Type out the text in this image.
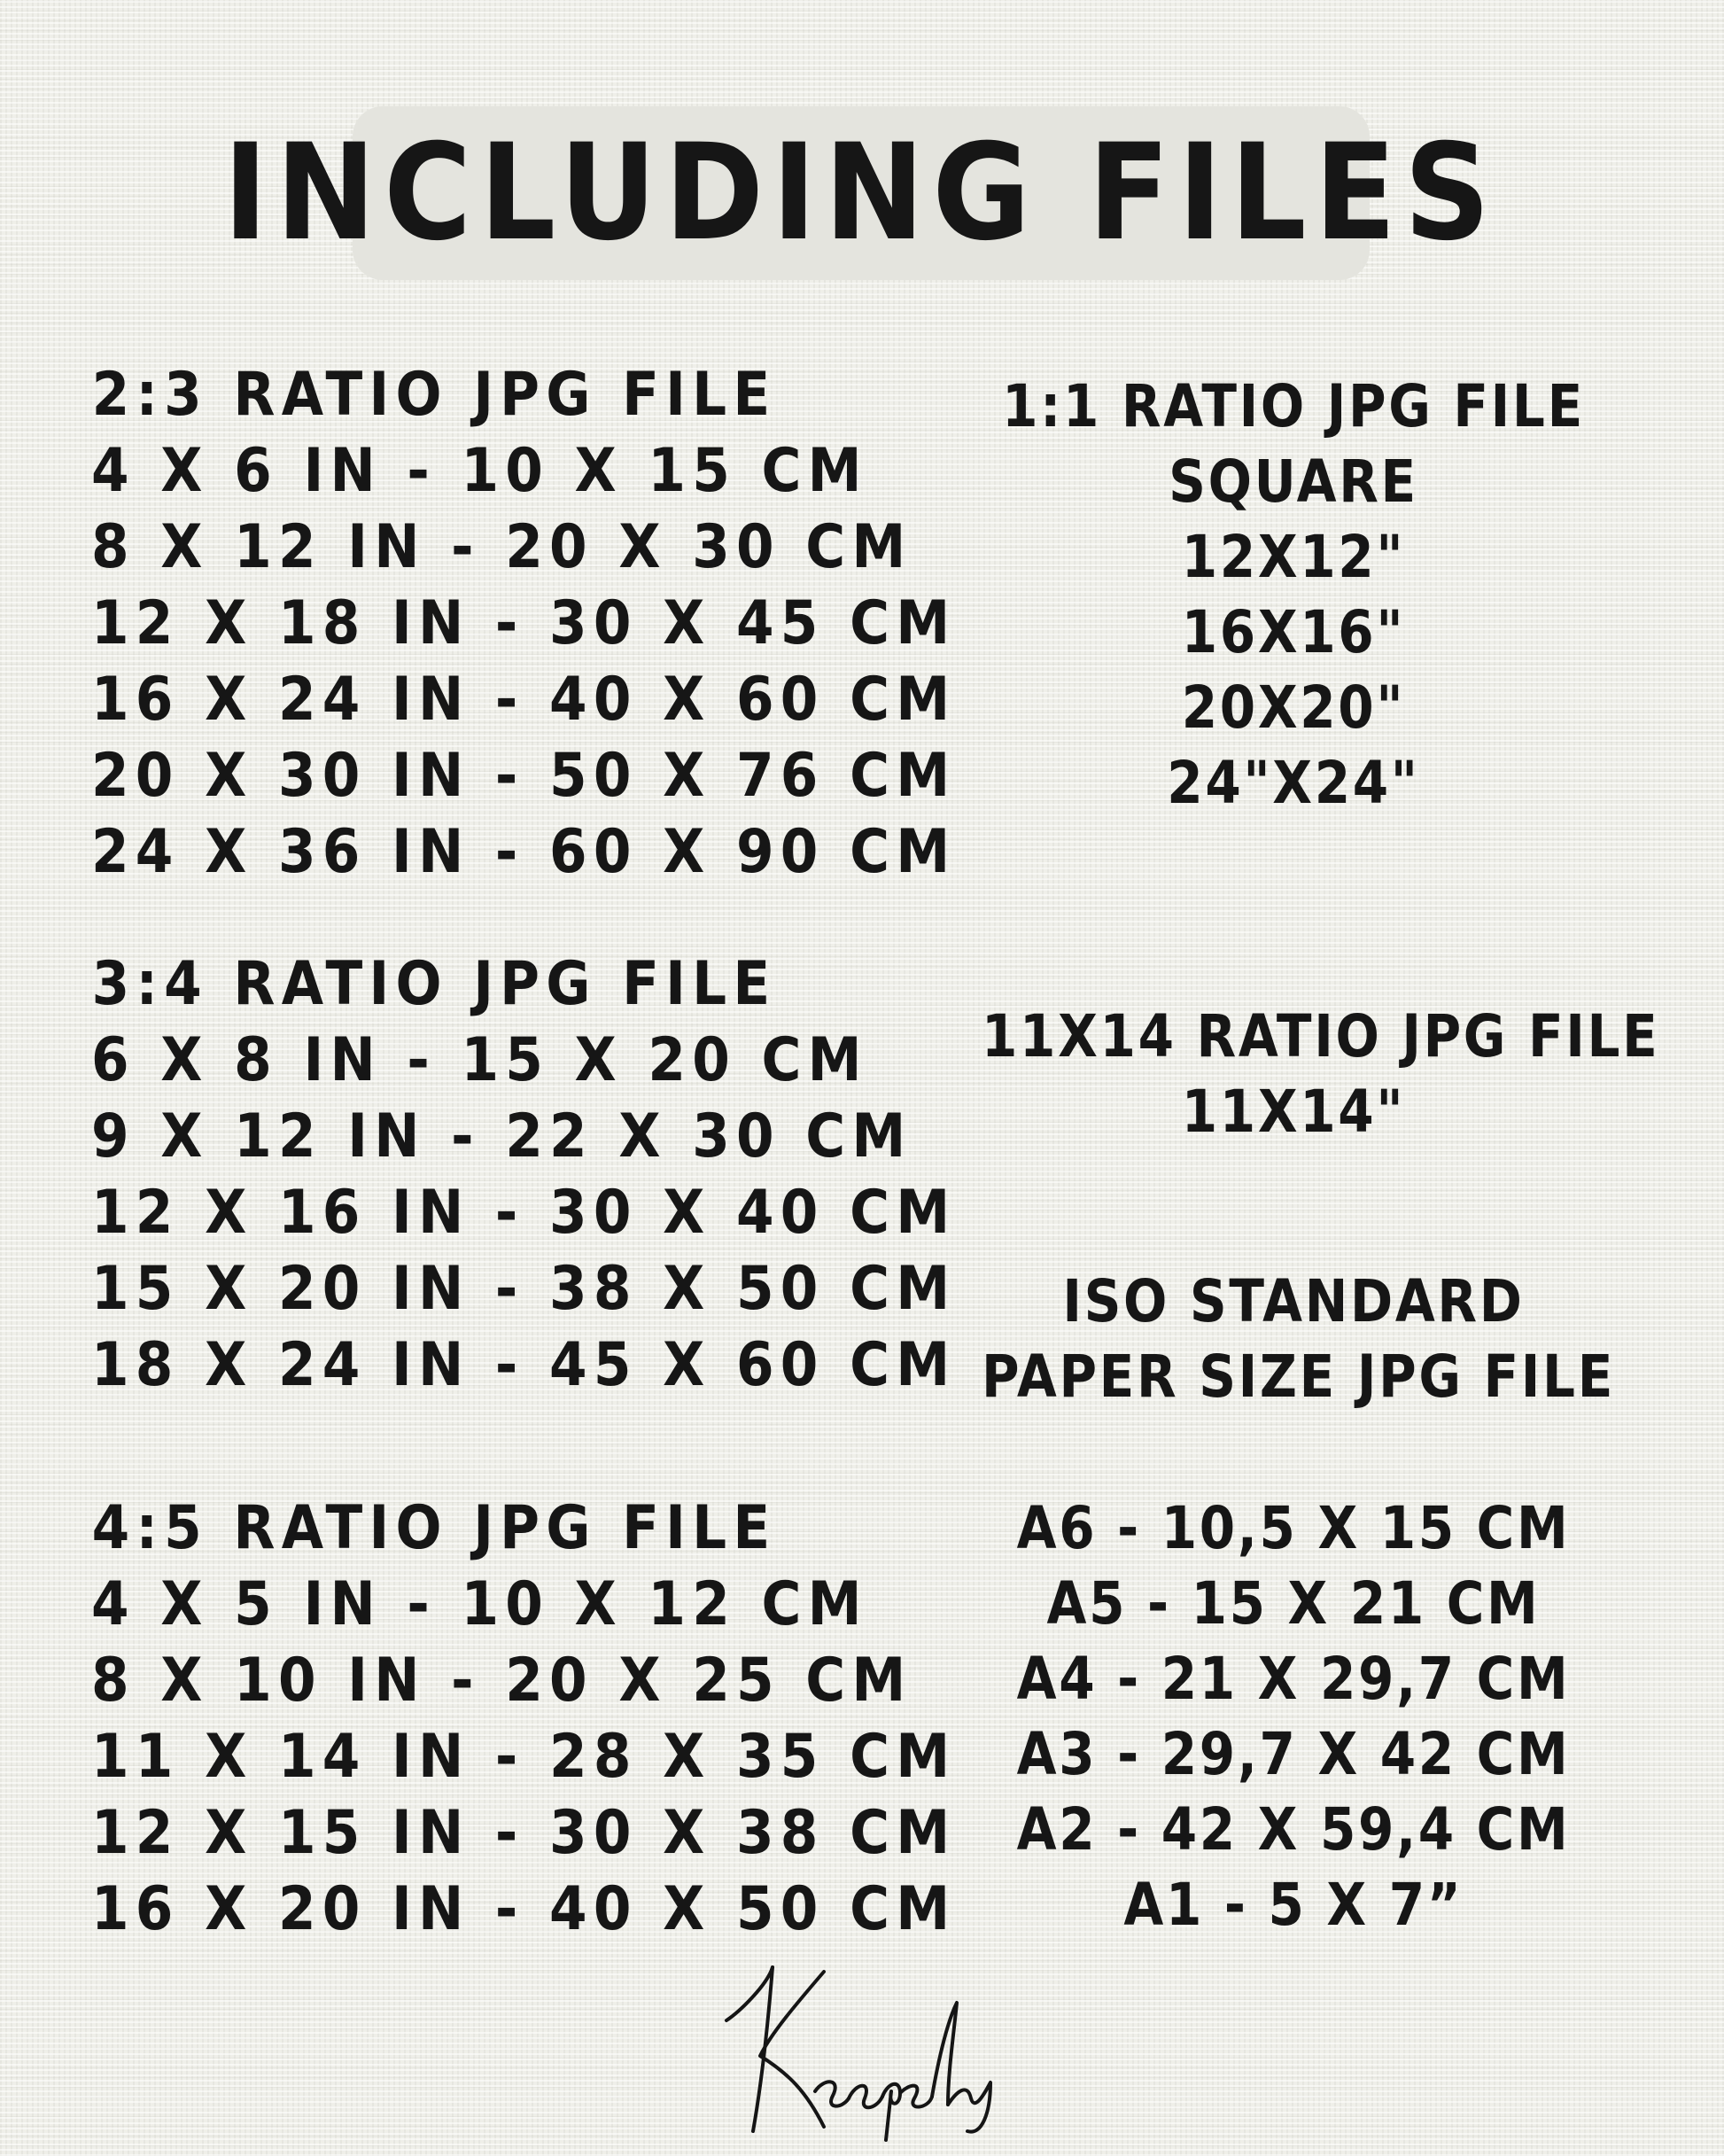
INCLUDING FILES
2:3 RATIO JPG FILE
4 X 6 IN - 10 X 15 CM
8 X 12 IN - 20 X 30 CM
12 X 18 IN - 30 X 45 CM
16 X 24 IN - 40 X 60 CM
20 X 30 IN - 50 X 76 CM
24 X 36 IN - 60 X 90 CM
3:4 RATIO JPG FILE
6 X 8 IN - 15 X 20 CM
9 X 12 IN - 22 X 30 CM
12 X 16 IN - 30 X 40 CM
15 X 20 IN - 38 X 50 CM
18 X 24 IN - 45 X 60 CM
4:5 RATIO JPG FILE
4 X 5 IN - 10 X 12 CM
8 X 10 IN - 20 X 25 CM
11 X 14 IN - 28 X 35 CM
12 X 15 IN - 30 X 38 CM
16 X 20 IN - 40 X 50 CM
1:1 RATIO JPG FILE
SQUARE
12X12"
16X16"
20X20"
24"X24"
11X14 RATIO JPG FILE
11X14"
ISO STANDARD
PAPER SIZE JPG FILE
A6 - 10,5 X 15 CM
A5 - 15 X 21 CM
A4 - 21 X 29,7 CM
A3 - 29,7 X 42 CM
A2 - 42 X 59,4 CM
A1 - 5 X 7”
